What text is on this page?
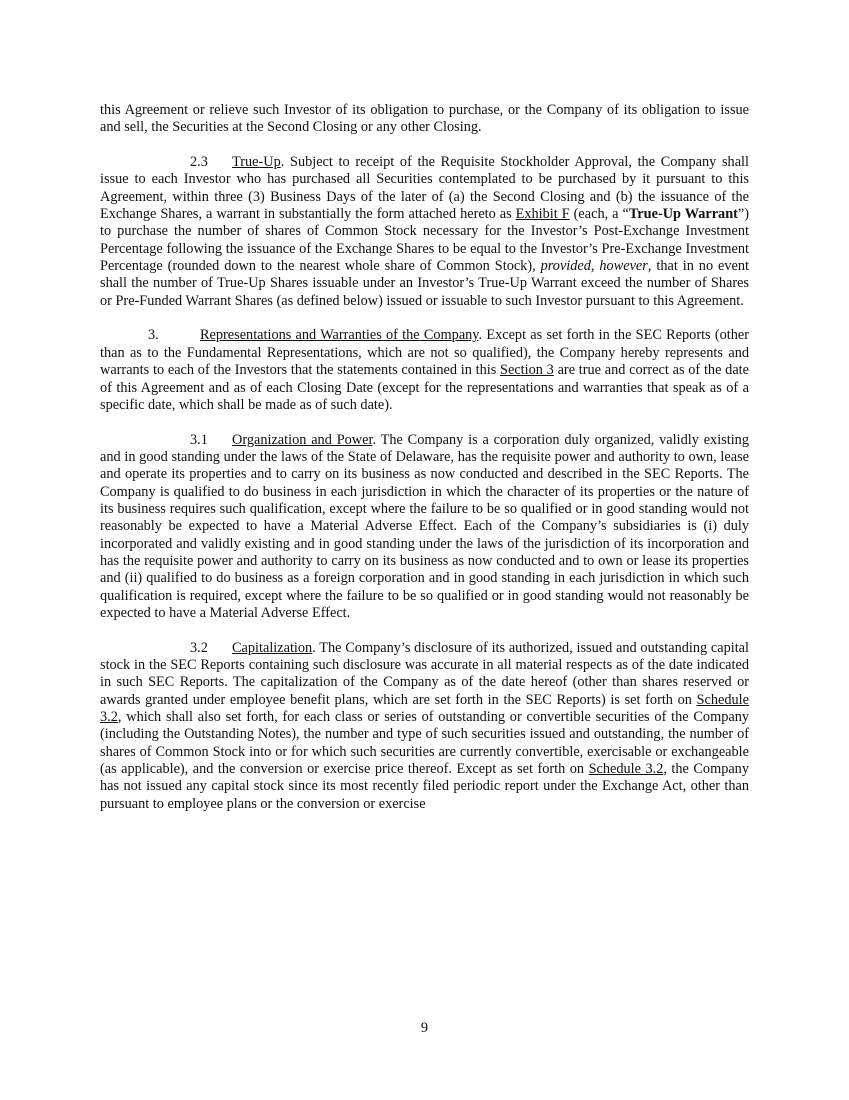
this Agreement or relieve such Investor of its obligation to purchase, or the Company of its obligation to issue and sell, the Securities at the Second Closing or any other Closing.

2.3 True-Up. Subject to receipt of the Requisite Stockholder Approval, the Company shall issue to each Investor who has purchased all Securities contemplated to be purchased by it pursuant to this Agreement, within three (3) Business Days of the later of (a) the Second Closing and (b) the issuance of the Exchange Shares, a warrant in substantially the form attached hereto as Exhibit F (each, a “True-Up Warrant”) to purchase the number of shares of Common Stock necessary for the Investor’s Post-Exchange Investment Percentage following the issuance of the Exchange Shares to be equal to the Investor’s Pre-Exchange Investment Percentage (rounded down to the nearest whole share of Common Stock), provided, however, that in no event shall the number of True-Up Shares issuable under an Investor’s True-Up Warrant exceed the number of Shares or Pre-Funded Warrant Shares (as defined below) issued or issuable to such Investor pursuant to this Agreement.

3.	Representations and Warranties of the Company. Except as set forth in the SEC Reports (other than as to the Fundamental Representations, which are not so qualified), the Company hereby represents and warrants to each of the Investors that the statements contained in this Section 3 are true and correct as of the date of this Agreement and as of each Closing Date (except for the representations and warranties that speak as of a specific date, which shall be made as of such date).

3.1 Organization and Power. The Company is a corporation duly organized, validly existing and in good standing under the laws of the State of Delaware, has the requisite power and authority to own, lease and operate its properties and to carry on its business as now conducted and described in the SEC Reports. The Company is qualified to do business in each jurisdiction in which the character of its properties or the nature of its business requires such qualification, except where the failure to be so qualified or in good standing would not reasonably be expected to have a Material Adverse Effect. Each of the Company’s subsidiaries is (i) duly incorporated and validly existing and in good standing under the laws of the jurisdiction of its incorporation and has the requisite power and authority to carry on its business as now conducted and to own or lease its properties and (ii) qualified to do business as a foreign corporation and in good standing in each jurisdiction in which such qualification is required, except where the failure to be so qualified or in good standing would not reasonably be expected to have a Material Adverse Effect.

3.2 Capitalization. The Company’s disclosure of its authorized, issued and outstanding capital stock in the SEC Reports containing such disclosure was accurate in all material respects as of the date indicated in such SEC Reports. The capitalization of the Company as of the date hereof (other than shares reserved or awards granted under employee benefit plans, which are set forth in the SEC Reports) is set forth on Schedule 3.2, which shall also set forth, for each class or series of outstanding or convertible securities of the Company (including the Outstanding Notes), the number and type of such securities issued and outstanding, the number of shares of Common Stock into or for which such securities are currently convertible, exercisable or exchangeable (as applicable), and the conversion or exercise price thereof. Except as set forth on Schedule 3.2, the Company has not issued any capital stock since its most recently filed periodic report under the Exchange Act, other than pursuant to employee plans or the conversion or exercise

9
